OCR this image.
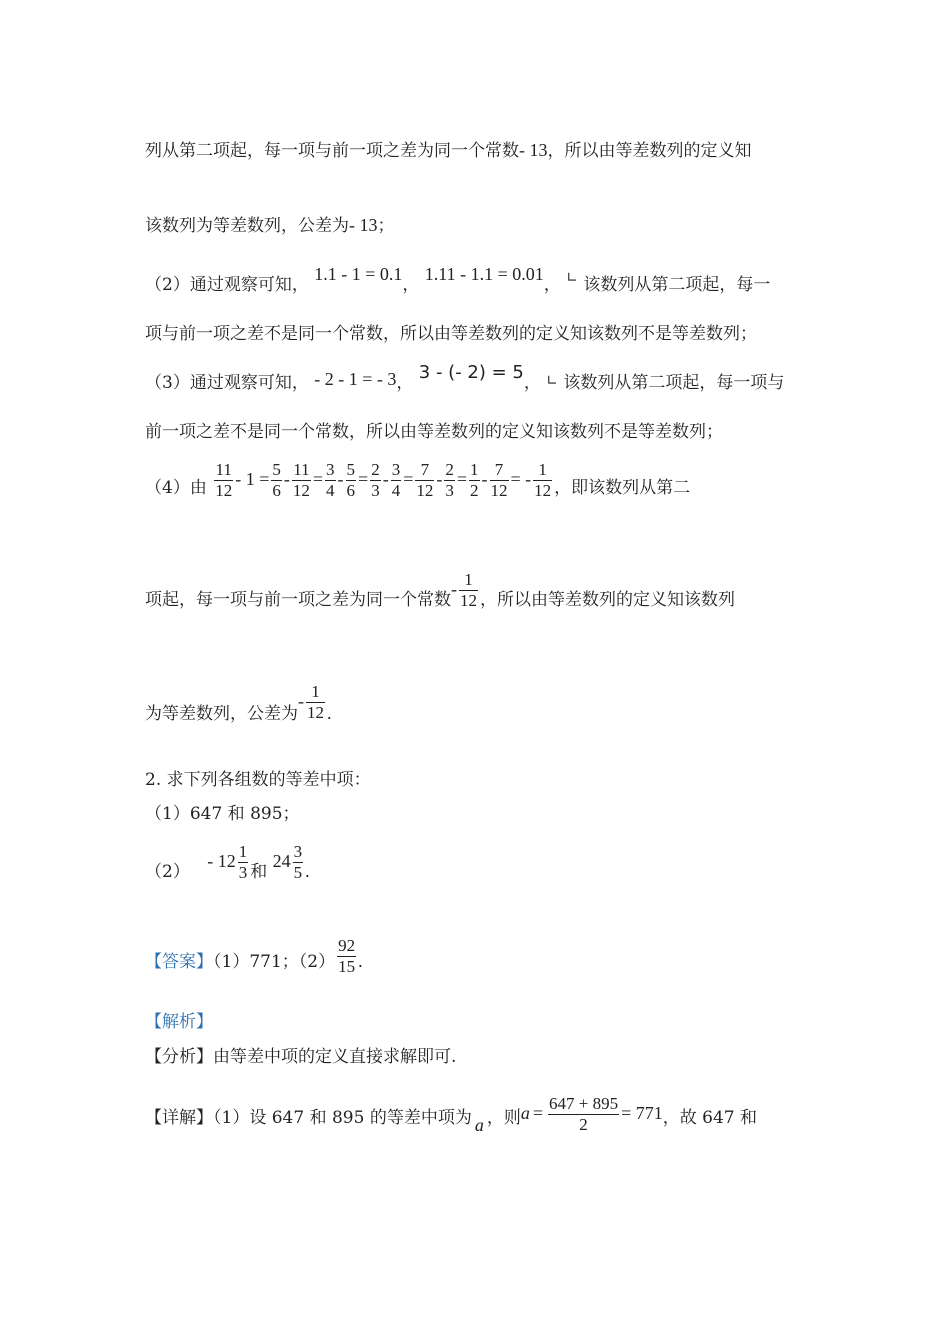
列从第二项起，每一项与前一项之差为同一个常数- 13，所以由等差数列的定义知
该数列为等差数列，公差为- 13；
（2）通过观察可知， 1.1 - 1 = 0.1， 1.11 - 1.1 = 0.01， ∟ 该数列从第二项起，每一
项与前一项之差不是同一个常数，所以由等差数列的定义知该数列不是等差数列；
（3）通过观察可知， - 2 - 1 = - 3， 3 - (- 2) = 5， ∟ 该数列从第二项起，每一项与
前一项之差不是同一个常数，所以由等差数列的定义知该数列不是等差数列；
（4）由 $\frac{11}{12} - 1 = \frac{5}{6} - \frac{11}{12} = \frac{3}{4} - \frac{5}{6} = \frac{2}{3} - \frac{3}{4} = \frac{7}{12} - \frac{2}{3} = \frac{1}{2} - \frac{7}{12}$ = - $\frac{1}{12}$ ，即该数列从第二
项起，每一项与前一项之差为同一个常数- $\frac{1}{12}$ ，所以由等差数列的定义知该数列
为等差数列，公差为- $\frac{1}{12}$ .
2. 求下列各组数的等差中项：
（1）647 和 895；
$(2) - 12 \frac{1}{3}$ 和 $24 \frac{3}{5}$ .
【答案】（1）771；$(2) \frac{92}{15}$ .
【解析】
【分析】由等差中项的定义直接求解即可.
【详解】（1）设 647 和 895 的等差中项为 a ，则$a = \frac{647 + 895}{2} = 771$，故 647 和
